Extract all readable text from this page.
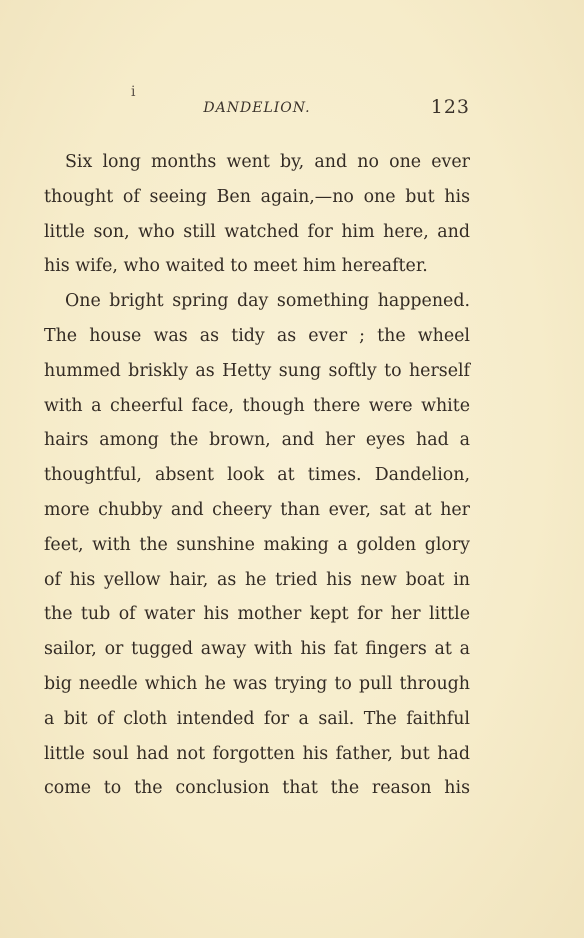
ⅰ
DANDELION.	123
Six long months went by, and no one ever
thought of seeing Ben again,—no one but his
little son, who still watched for him here, and
his wife, who waited to meet him hereafter.
One bright spring day something happened.
The house was as tidy as ever ; the wheel
hummed briskly as Hetty sung softly to herself
with a cheerful face, though there were white
hairs among the brown, and her eyes had a
thoughtful, absent look at times. Dandelion,
more chubby and cheery than ever, sat at her
feet, with the sunshine making a golden glory
of his yellow hair, as he tried his new boat in
the tub of water his mother kept for her little
sailor, or tugged away with his fat fingers at a
big needle which he was trying to pull through
a bit of cloth intended for a sail. The faithful
little soul had not forgotten his father, but had
come to the conclusion that the reason his
